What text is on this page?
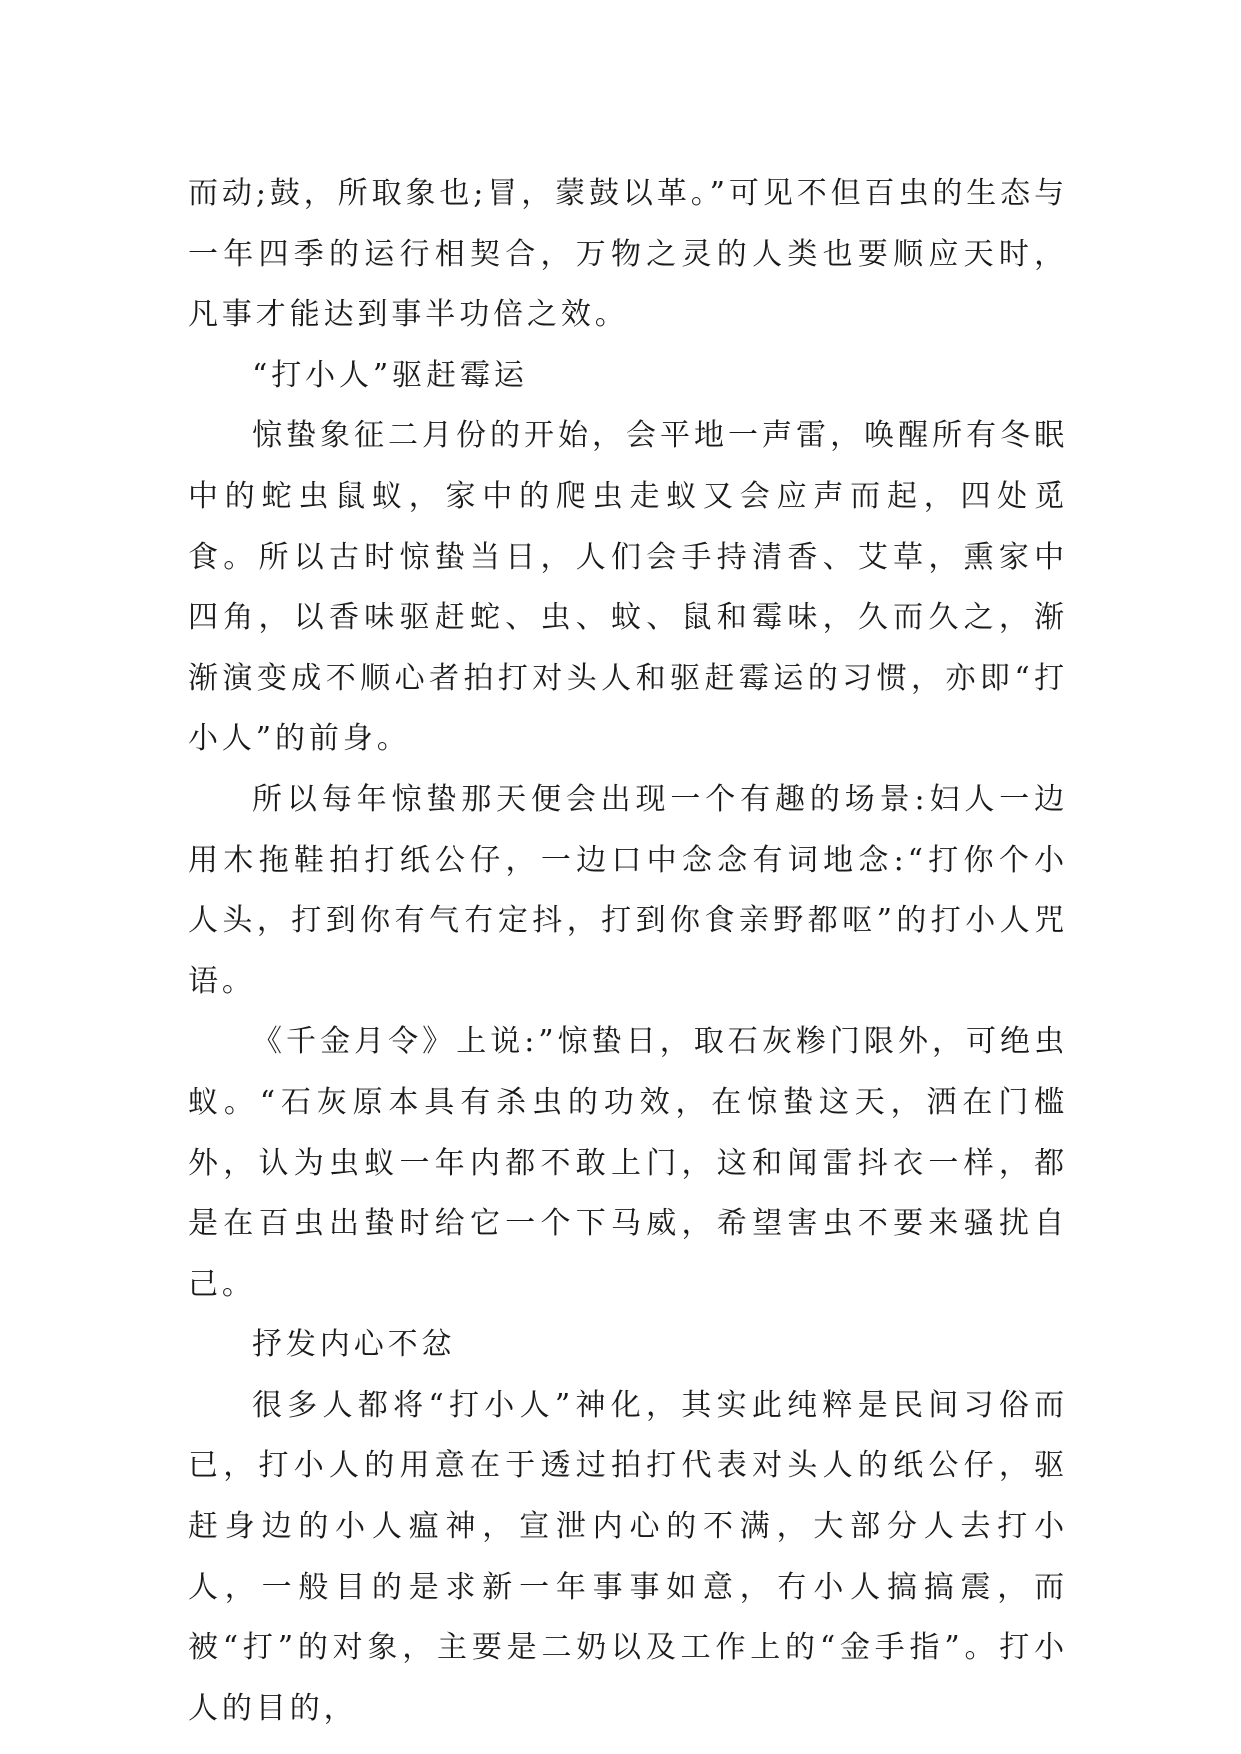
而动;鼓，所取象也;冒，蒙鼓以革。”可见不但百虫的生态与一年四季的运行相契合，万物之灵的人类也要顺应天时，凡事才能达到事半功倍之效。

“打小人”驱赶霉运

惊蛰象征二月份的开始，会平地一声雷，唤醒所有冬眠中的蛇虫鼠蚁，家中的爬虫走蚁又会应声而起，四处觅食。所以古时惊蛰当日，人们会手持清香、艾草，熏家中四角，以香味驱赶蛇、虫、蚊、鼠和霉味，久而久之，渐渐演变成不顺心者拍打对头人和驱赶霉运的习惯，亦即“打小人”的前身。

所以每年惊蛰那天便会出现一个有趣的场景:妇人一边用木拖鞋拍打纸公仔，一边口中念念有词地念:“打你个小人头，打到你有气冇定抖，打到你食亲野都呕”的打小人咒语。

《千金月令》上说:”惊蛰日，取石灰糁门限外，可绝虫蚁。“石灰原本具有杀虫的功效，在惊蛰这天，洒在门槛外，认为虫蚁一年内都不敢上门，这和闻雷抖衣一样，都是在百虫出蛰时给它一个下马威，希望害虫不要来骚扰自己。

抒发内心不忿

很多人都将“打小人”神化，其实此纯粹是民间习俗而已，打小人的用意在于透过拍打代表对头人的纸公仔，驱赶身边的小人瘟神，宣泄内心的不满，大部分人去打小人，一般目的是求新一年事事如意，冇小人搞搞震，而被“打”的对象，主要是二奶以及工作上的“金手指”。打小人的目的，
